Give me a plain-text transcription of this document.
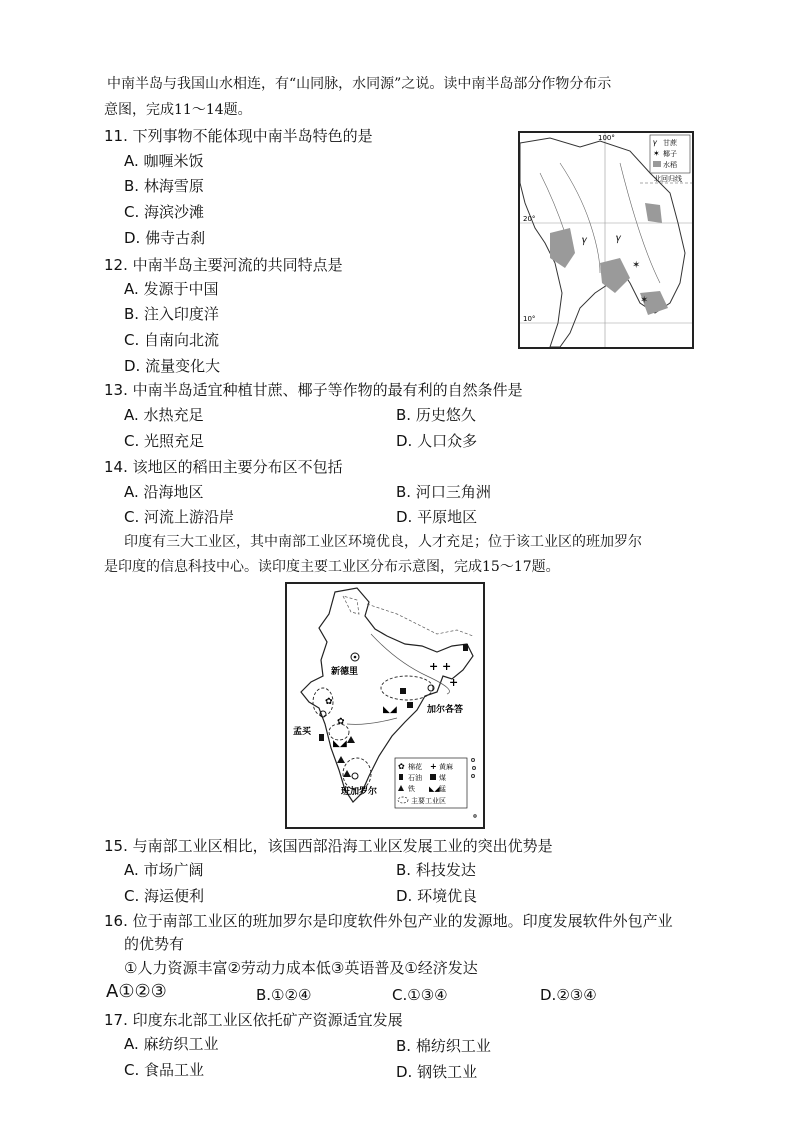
中南半岛与我国山水相连，有“山同脉，水同源”之说。读中南半岛部分作物分布示
意图，完成11～14题。
11. 下列事物不能体现中南半岛特色的是
A. 咖喱米饭
B. 林海雪原
C. 海滨沙滩
D. 佛寺古刹
12. 中南半岛主要河流的共同特点是
A. 发源于中国
B. 注入印度洋
C. 自南向北流
D. 流量变化大
𝛾
✶
✶
𝛾
𝛾 甘蔗
✶ 椰子
水稻
100°
20°
10°
北回归线
13. 中南半岛适宜种植甘蔗、椰子等作物的最有利的自然条件是
A. 水热充足	B. 历史悠久
C. 光照充足	D. 人口众多
14. 该地区的稻田主要分布区不包括
A. 沿海地区	B. 河口三角洲
C. 河流上游沿岸	D. 平原地区
印度有三大工业区，其中南部工业区环境优良，人才充足；位于该工业区的班加罗尔
是印度的信息科技中心。读印度主要工业区分布示意图，完成15～17题。
+ +
+
◣◢
◣◢
✿
✿
新德里
孟买
加尔各答
班加罗尔
✿ 棉花 + 黄麻
石油 煤
铁 ◣◢ 锰
主要工业区
15. 与南部工业区相比，该国西部沿海工业区发展工业的突出优势是
A. 市场广阔	B. 科技发达
C. 海运便利	D. 环境优良
16. 位于南部工业区的班加罗尔是印度软件外包产业的发源地。印度发展软件外包产业
的优势有
①人力资源丰富②劳动力成本低③英语普及①经济发达
A①②③	B.①②④	C.①③④	D.②③④
17. 印度东北部工业区依托矿产资源适宜发展
A. 麻纺织工业	B. 棉纺织工业
C. 食品工业	D. 钢铁工业
